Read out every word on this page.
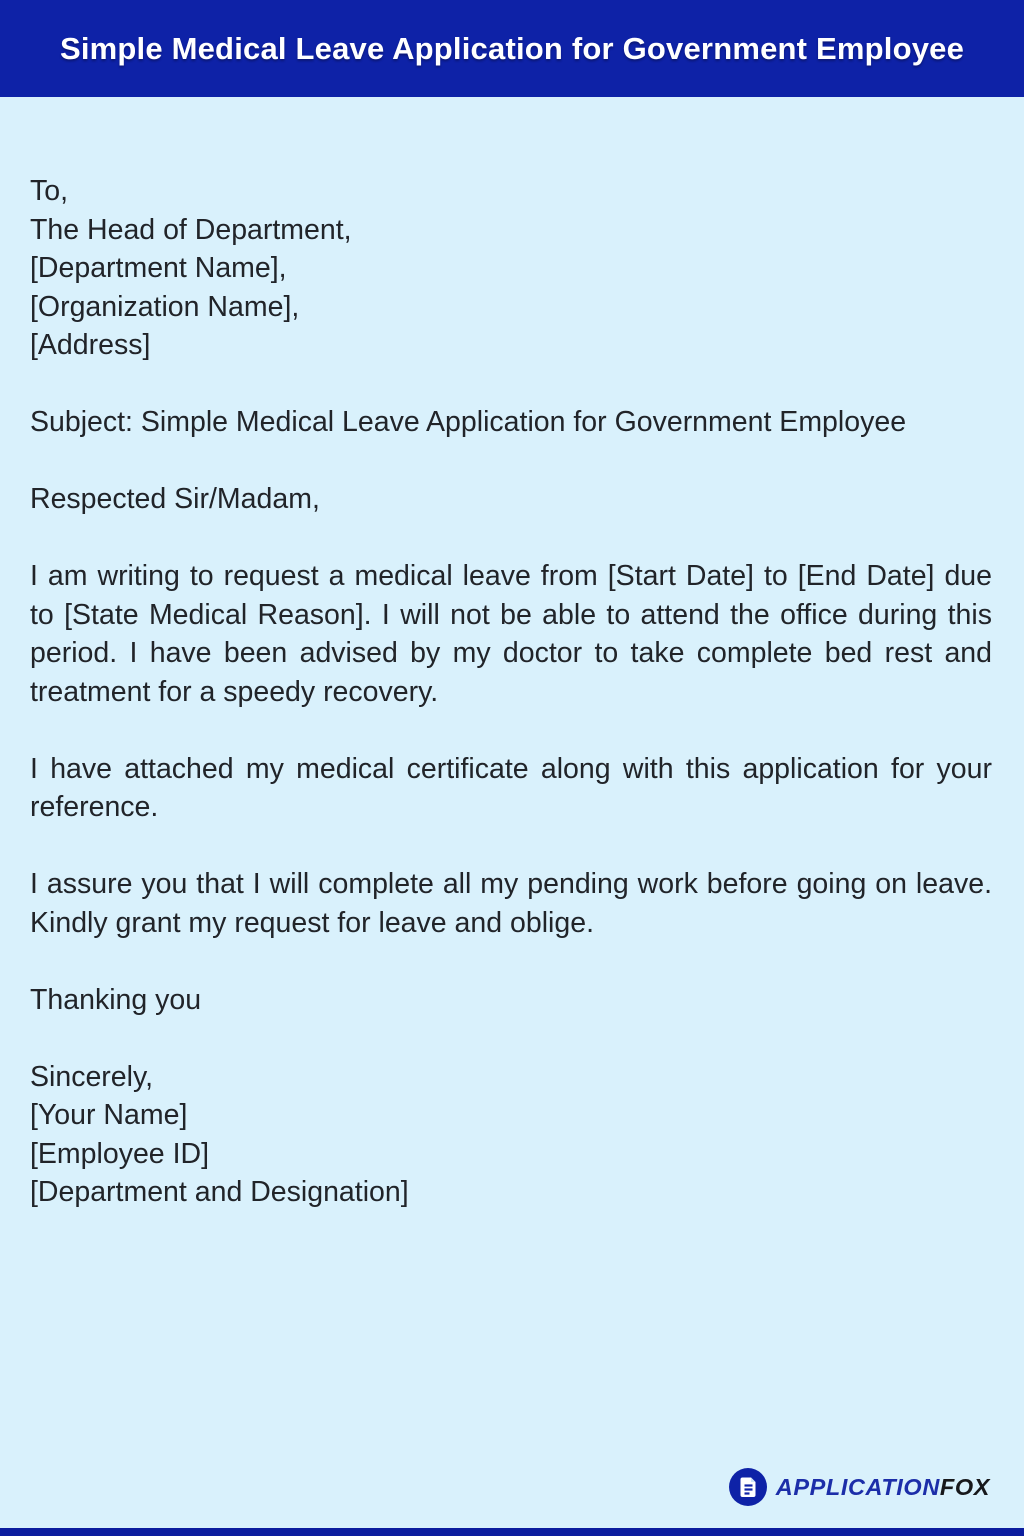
Simple Medical Leave Application for Government Employee
To,
The Head of Department,
[Department Name],
[Organization Name],
[Address]

Subject: Simple Medical Leave Application for Government Employee

Respected Sir/Madam,

I am writing to request a medical leave from [Start Date] to [End Date] due to [State Medical Reason]. I will not be able to attend the office during this period. I have been advised by my doctor to take complete bed rest and treatment for a speedy recovery.

I have attached my medical certificate along with this application for your reference.

I assure you that I will complete all my pending work before going on leave. Kindly grant my request for leave and oblige.

Thanking you

Sincerely,
[Your Name]
[Employee ID]
[Department and Designation]
APPLICATIONFOX
